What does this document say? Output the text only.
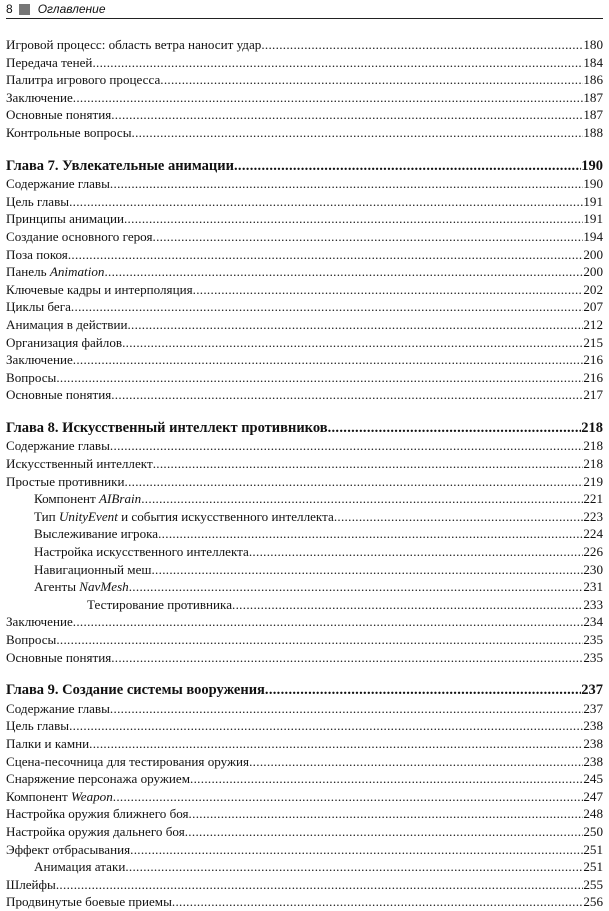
8 Оглавление
Игровой процесс: область ветра наносит удар .....	180
Передача теней .....	184
Палитра игрового процесса .....	186
Заключение .....	187
Основные понятия .....	187
Контрольные вопросы .....	188
Глава 7. Увлекательные анимации .....	190
Содержание главы .....	190
Цель главы .....	191
Принципы анимации .....	191
Создание основного героя .....	194
Поза покоя .....	200
Панель Animation .....	200
Ключевые кадры и интерполяция .....	202
Циклы бега .....	207
Анимация в действии .....	212
Организация файлов .....	215
Заключение .....	216
Вопросы .....	216
Основные понятия .....	217
Глава 8. Искусственный интеллект противников .....	218
Содержание главы .....	218
Искусственный интеллект .....	218
Простые противники .....	219
Компонент AIBrain .....	221
Тип UnityEvent и события искусственного интеллекта .....	223
Выслеживание игрока .....	224
Настройка искусственного интеллекта .....	226
Навигационный меш .....	230
Агенты NavMesh .....	231
Тестирование противника .....	233
Заключение .....	234
Вопросы .....	235
Основные понятия .....	235
Глава 9. Создание системы вооружения .....	237
Содержание главы .....	237
Цель главы .....	238
Палки и камни .....	238
Сцена-песочница для тестирования оружия .....	238
Снаряжение персонажа оружием .....	245
Компонент Weapon .....	247
Настройка оружия ближнего боя .....	248
Настройка оружия дальнего боя .....	250
Эффект отбрасывания .....	251
Анимация атаки .....	251
Шлейфы .....	255
Продвинутые боевые приемы .....	256
